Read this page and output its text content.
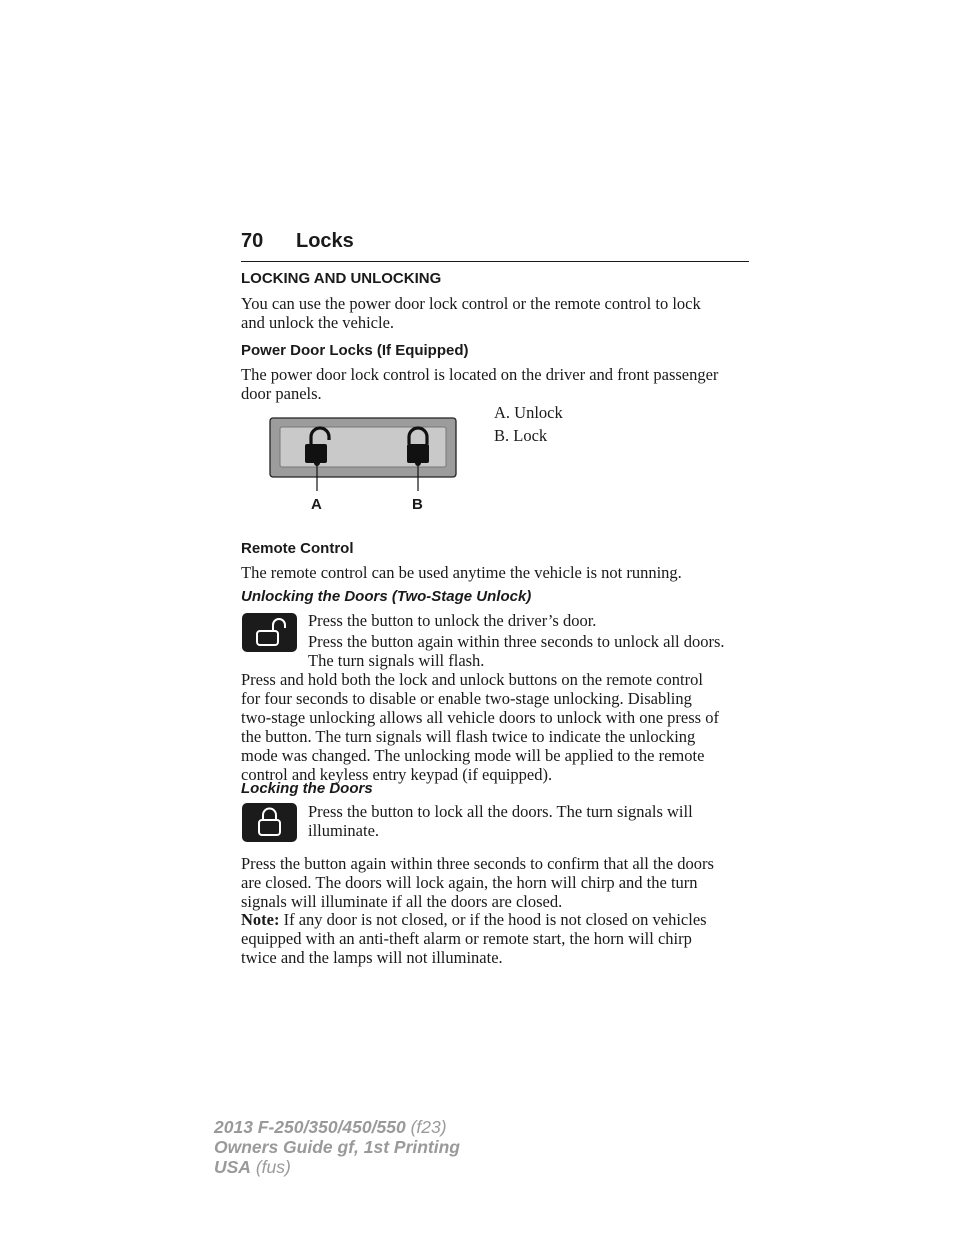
70 Locks
LOCKING AND UNLOCKING

You can use the power door lock control or the remote control to lock

and unlock the vehicle.

Power Door Locks (If Equipped)

The power door lock control is located on the driver and front passenger

door panels.

A	B
A. Unlock
B. Lock
Remote Control
The remote control can be used anytime the vehicle is not running.
Unlocking the Doors (Two-Stage Unlock)
Press the button to unlock the driver’s door.

Press the button again within three seconds to unlock all doors.

The turn signals will flash.

Press and hold both the lock and unlock buttons on the remote control

for four seconds to disable or enable two-stage unlocking. Disabling

two-stage unlocking allows all vehicle doors to unlock with one press of

the button. The turn signals will flash twice to indicate the unlocking

mode was changed. The unlocking mode will be applied to the remote

control and keyless entry keypad (if equipped).

Locking the Doors

Press the button to lock all the doors. The turn signals will

illuminate.

Press the button again within three seconds to confirm that all the doors

are closed. The doors will lock again, the horn will chirp and the turn

signals will illuminate if all the doors are closed.

Note: If any door is not closed, or if the hood is not closed on vehicles

equipped with an anti-theft alarm or remote start, the horn will chirp

twice and the lamps will not illuminate.

2013 F-250/350/450/550 (f23)
Owners Guide gf, 1st Printing
USA (fus)
